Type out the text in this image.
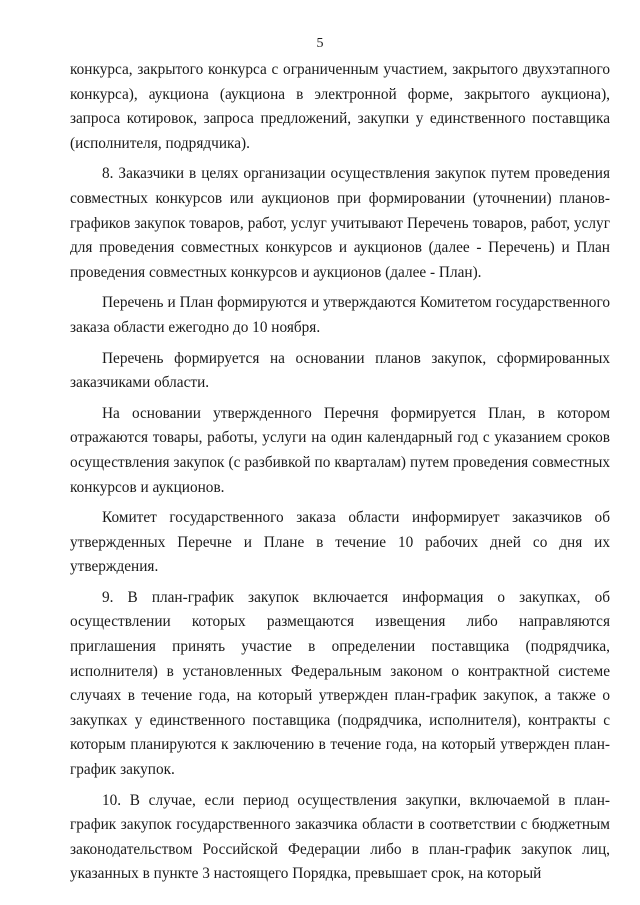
5

конкурса, закрытого конкурса с ограниченным участием, закрытого двухэтапного конкурса), аукциона (аукциона в электронной форме, закрытого аукциона), запроса котировок, запроса предложений, закупки у единственного поставщика (исполнителя, подрядчика).

8. Заказчики в целях организации осуществления закупок путем проведения совместных конкурсов или аукционов при формировании (уточнении) планов-графиков закупок товаров, работ, услуг учитывают Перечень товаров, работ, услуг для проведения совместных конкурсов и аукционов (далее - Перечень) и План проведения совместных конкурсов и аукционов (далее - План).

Перечень и План формируются и утверждаются Комитетом государственного заказа области ежегодно до 10 ноября.

Перечень формируется на основании планов закупок, сформированных заказчиками области.

На основании утвержденного Перечня формируется План, в котором отражаются товары, работы, услуги на один календарный год с указанием сроков осуществления закупок (с разбивкой по кварталам) путем проведения совместных конкурсов и аукционов.

Комитет государственного заказа области информирует заказчиков об утвержденных Перечне и Плане в течение 10 рабочих дней со дня их утверждения.

9. В план-график закупок включается информация о закупках, об осуществлении которых размещаются извещения либо направляются приглашения принять участие в определении поставщика (подрядчика, исполнителя) в установленных Федеральным законом о контрактной системе случаях в течение года, на который утвержден план-график закупок, а также о закупках у единственного поставщика (подрядчика, исполнителя), контракты с которым планируются к заключению в течение года, на который утвержден план-график закупок.

10. В случае, если период осуществления закупки, включаемой в план-график закупок государственного заказчика области в соответствии с бюджетным законодательством Российской Федерации либо в план-график закупок лиц, указанных в пункте 3 настоящего Порядка, превышает срок, на который
